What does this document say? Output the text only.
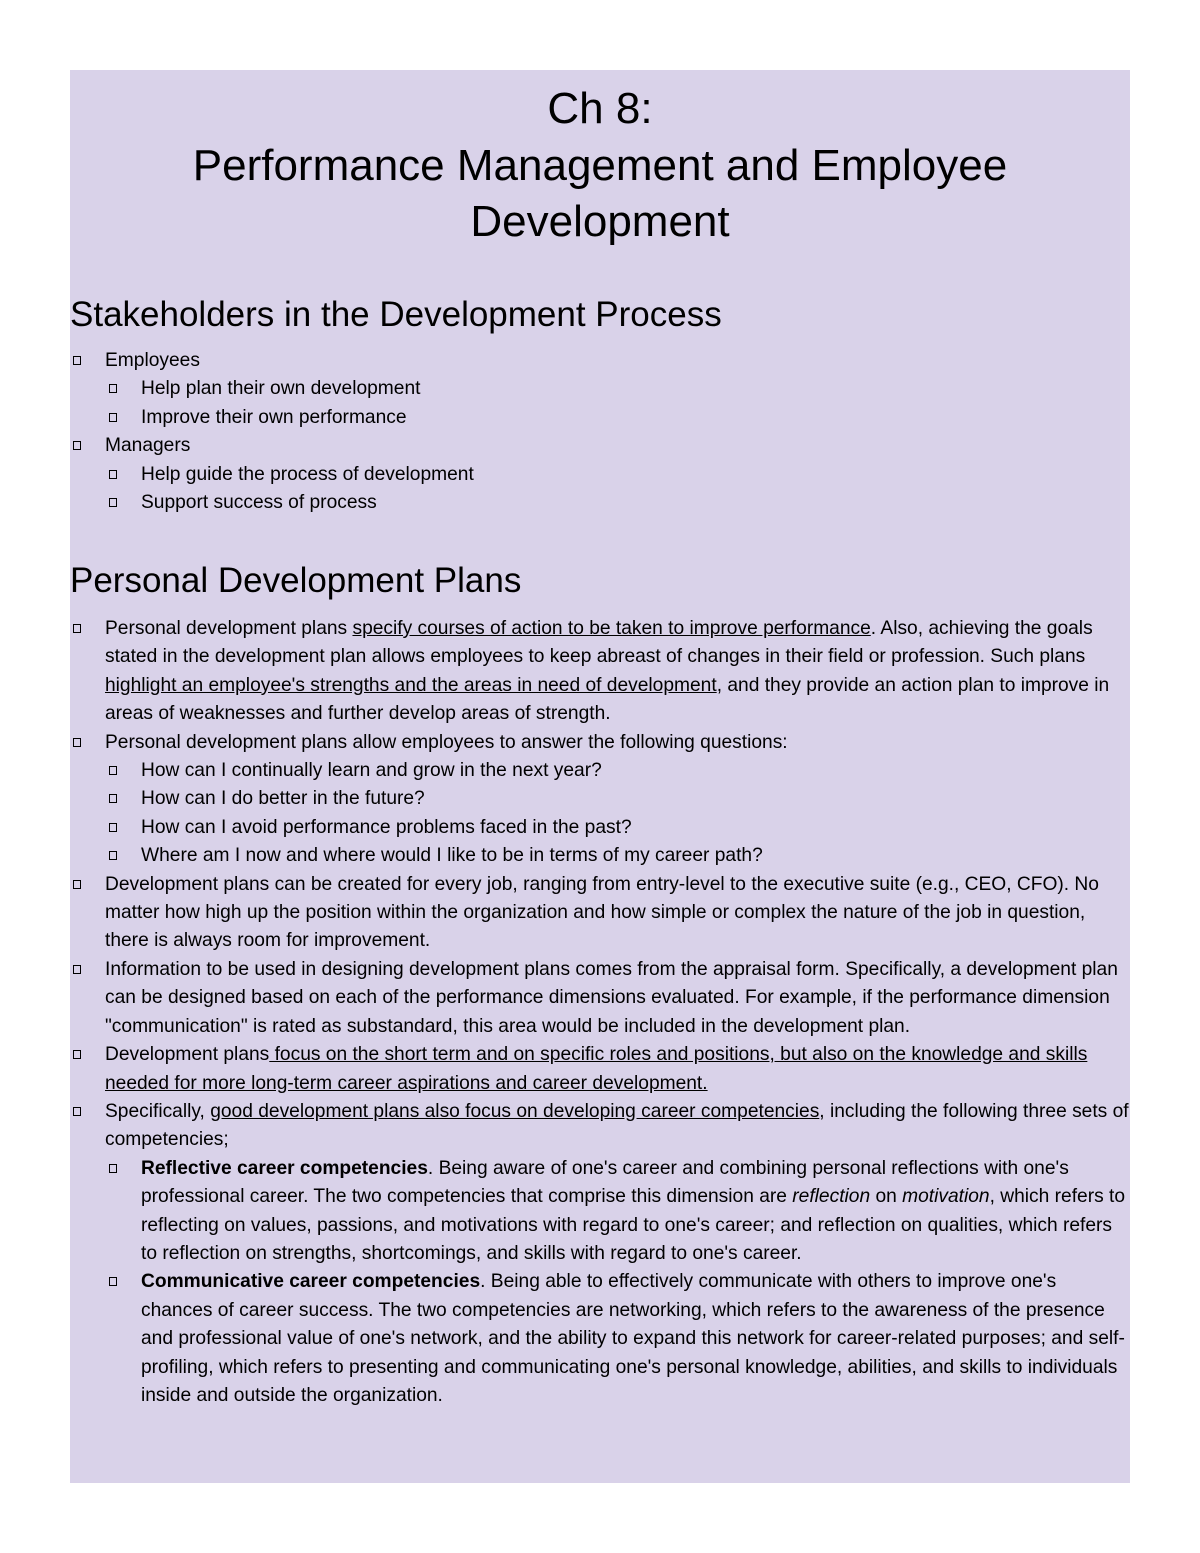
Ch 8:
Performance Management and Employee Development
Stakeholders in the Development Process
Employees
Help plan their own development
Improve their own performance
Managers
Help guide the process of development
Support success of process
Personal Development Plans
Personal development plans specify courses of action to be taken to improve performance. Also, achieving the goals stated in the development plan allows employees to keep abreast of changes in their field or profession. Such plans highlight an employee's strengths and the areas in need of development, and they provide an action plan to improve in areas of weaknesses and further develop areas of strength.
Personal development plans allow employees to answer the following questions:
How can I continually learn and grow in the next year?
How can I do better in the future?
How can I avoid performance problems faced in the past?
Where am I now and where would I like to be in terms of my career path?
Development plans can be created for every job, ranging from entry-level to the executive suite (e.g., CEO, CFO). No matter how high up the position within the organization and how simple or complex the nature of the job in question, there is always room for improvement.
Information to be used in designing development plans comes from the appraisal form. Specifically, a development plan can be designed based on each of the performance dimensions evaluated. For example, if the performance dimension "communication" is rated as substandard, this area would be included in the development plan.
Development plans focus on the short term and on specific roles and positions, but also on the knowledge and skills needed for more long-term career aspirations and career development.
Specifically, good development plans also focus on developing career competencies, including the following three sets of competencies;
Reflective career competencies. Being aware of one's career and combining personal reflections with one's professional career. The two competencies that comprise this dimension are reflection on motivation, which refers to reflecting on values, passions, and motivations with regard to one's career; and reflection on qualities, which refers to reflection on strengths, shortcomings, and skills with regard to one's career.
Communicative career competencies. Being able to effectively communicate with others to improve one's chances of career success. The two competencies are networking, which refers to the awareness of the presence and professional value of one's network, and the ability to expand this network for career-related purposes; and self-profiling, which refers to presenting and communicating one's personal knowledge, abilities, and skills to individuals inside and outside the organization.
